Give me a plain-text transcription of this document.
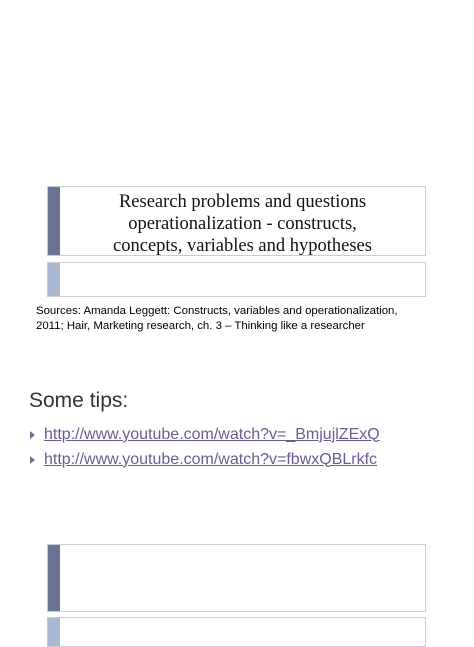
Research problems and questions
operationalization - constructs,
concepts, variables and hypotheses

Sources: Amanda Leggett: Constructs, variables and operationalization,
2011; Hair, Marketing research, ch. 3 – Thinking like a researcher

Some tips:
http://www.youtube.com/watch?v=_BmjujlZExQ
http://www.youtube.com/watch?v=fbwxQBLrkfc
